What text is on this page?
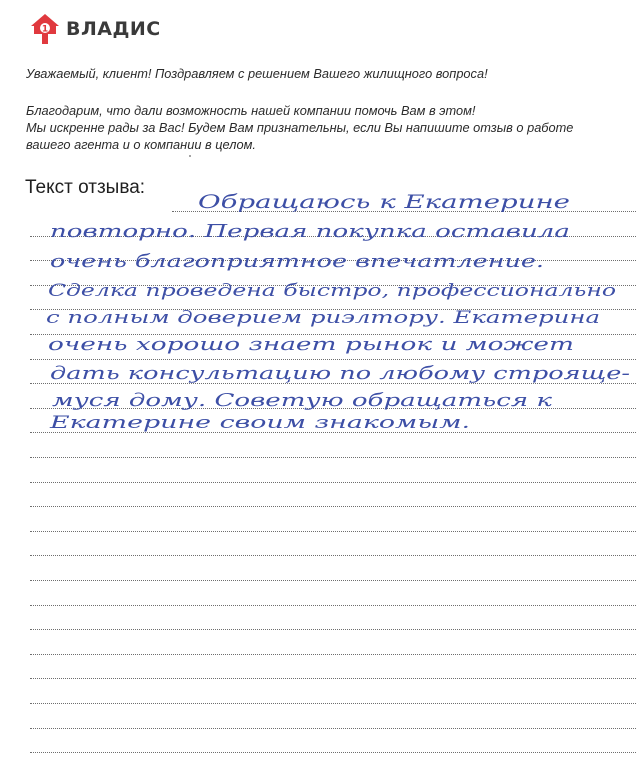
1 ВЛАДИС
Уважаемый, клиент! Поздравляем с решением Вашего жилищного вопроса!
Благодарим, что дали возможность нашей компании помочь Вам в этом!
Мы искренне рады за Вас! Будем Вам признательны, если Вы напишите отзыв о работе
вашего агента и о компании в целом.
Текст отзыва:
Обращаюсь к Екатерине
повторно. Первая покупка оставила
очень благоприятное впечатление.
Сделка проведена быстро, профессионально
с полным доверием риэлтору. Екатерина
очень хорошо знает рынок и может
дать консультацию по любому строяще-
муся дому. Советую обращаться к
Екатерине своим знакомым.
